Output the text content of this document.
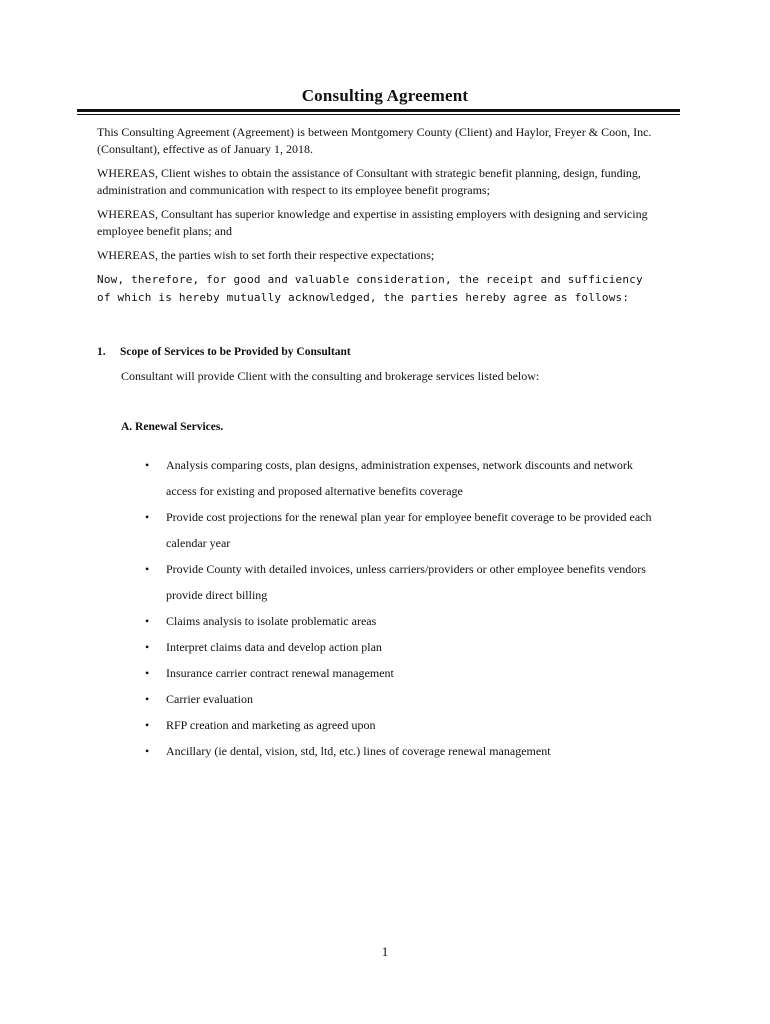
Consulting Agreement

This Consulting Agreement (Agreement) is between Montgomery County (Client) and Haylor, Freyer & Coon, Inc. (Consultant), effective as of January 1, 2018.

WHEREAS, Client wishes to obtain the assistance of Consultant with strategic benefit planning, design, funding, administration and communication with respect to its employee benefit programs;

WHEREAS, Consultant has superior knowledge and expertise in assisting employers with designing and servicing employee benefit plans; and

WHEREAS, the parties wish to set forth their respective expectations;

Now, therefore, for good and valuable consideration, the receipt and sufficiency of which is hereby mutually acknowledged, the parties hereby agree as follows:

1. Scope of Services to be Provided by Consultant
Consultant will provide Client with the consulting and brokerage services listed below:
A. Renewal Services.
• Analysis comparing costs, plan designs, administration expenses, network discounts and network access for existing and proposed alternative benefits coverage
• Provide cost projections for the renewal plan year for employee benefit coverage to be provided each calendar year
• Provide County with detailed invoices, unless carriers/providers or other employee benefits vendors provide direct billing
• Claims analysis to isolate problematic areas
• Interpret claims data and develop action plan
• Insurance carrier contract renewal management
• Carrier evaluation
• RFP creation and marketing as agreed upon
• Ancillary (ie dental, vision, std, ltd, etc.) lines of coverage renewal management
1
